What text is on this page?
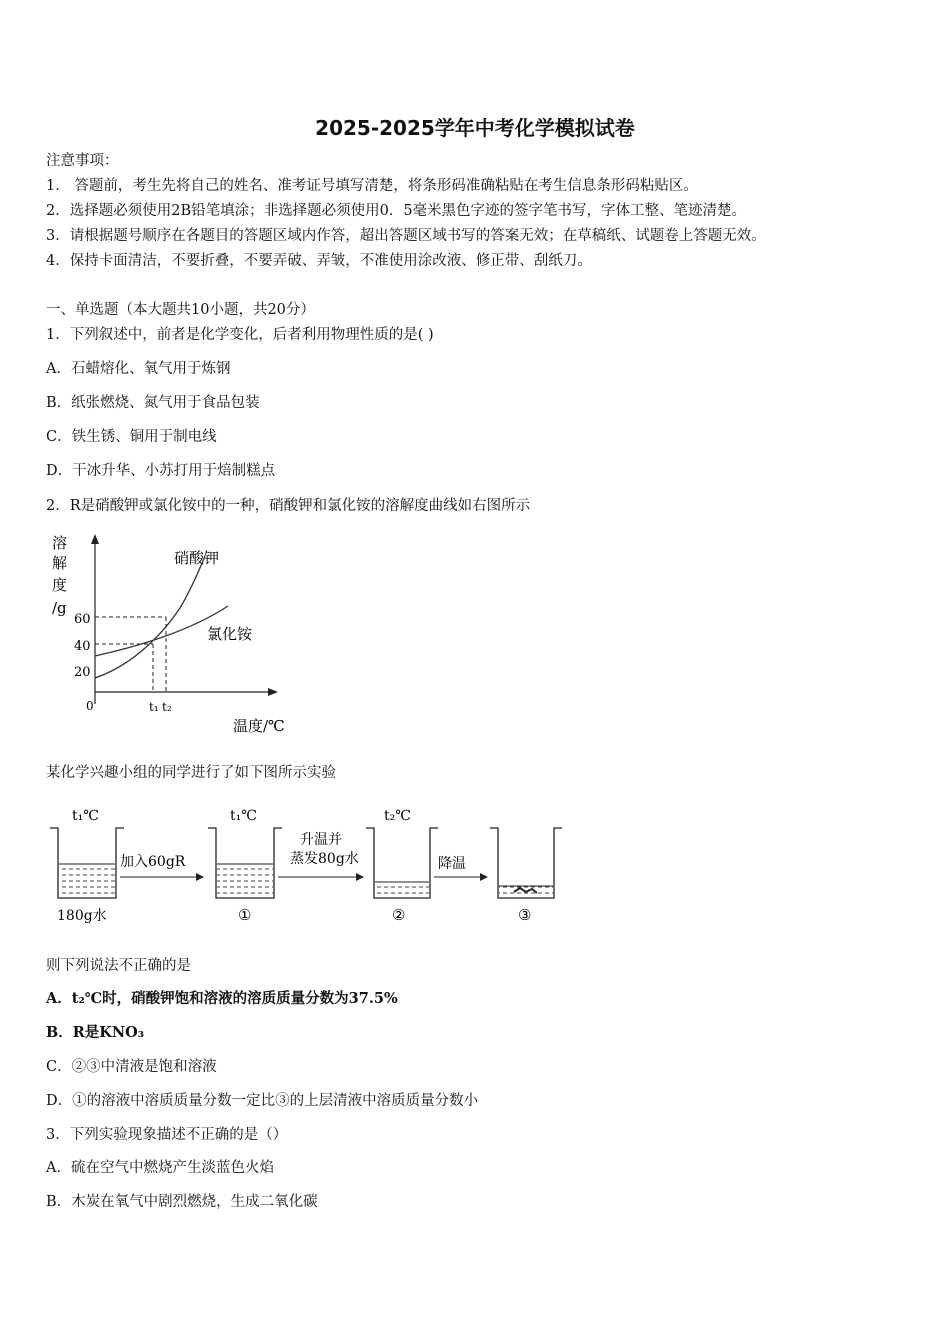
2025-2025学年中考化学模拟试卷
注意事项：
1． 答题前，考生先将自己的姓名、准考证号填写清楚，将条形码准确粘贴在考生信息条形码粘贴区。
2．选择题必须使用2B铅笔填涂；非选择题必须使用0．5毫米黑色字迹的签字笔书写，字体工整、笔迹清楚。
3．请根据题号顺序在各题目的答题区域内作答，超出答题区域书写的答案无效；在草稿纸、试题卷上答题无效。
4．保持卡面清洁，不要折叠，不要弄破、弄皱，不准使用涂改液、修正带、刮纸刀。
一、单选题（本大题共10小题，共20分）
1．下列叙述中，前者是化学变化，后者利用物理性质的是( )
A．石蜡熔化、氧气用于炼钢
B．纸张燃烧、氮气用于食品包装
C．铁生锈、铜用于制电线
D．干冰升华、小苏打用于焙制糕点
2．R是硝酸钾或氯化铵中的一种，硝酸钾和氯化铵的溶解度曲线如右图所示
溶
解
度
/g
60
40
20
0
硝酸钾
氯化铵
t₁ t₂
温度/℃
某化学兴趣小组的同学进行了如下图所示实验
t₁℃
180g水
加入60gR
t₁℃
①
升温并
蒸发80g水
t₂℃
②
降温
③
则下列说法不正确的是
A．t₂℃时，硝酸钾饱和溶液的溶质质量分数为37.5%
B．R是KNO₃
C．②③中清液是饱和溶液
D．①的溶液中溶质质量分数一定比③的上层清液中溶质质量分数小
3．下列实验现象描述不正确的是（）
A．硫在空气中燃烧产生淡蓝色火焰
B．木炭在氧气中剧烈燃烧，生成二氧化碳
